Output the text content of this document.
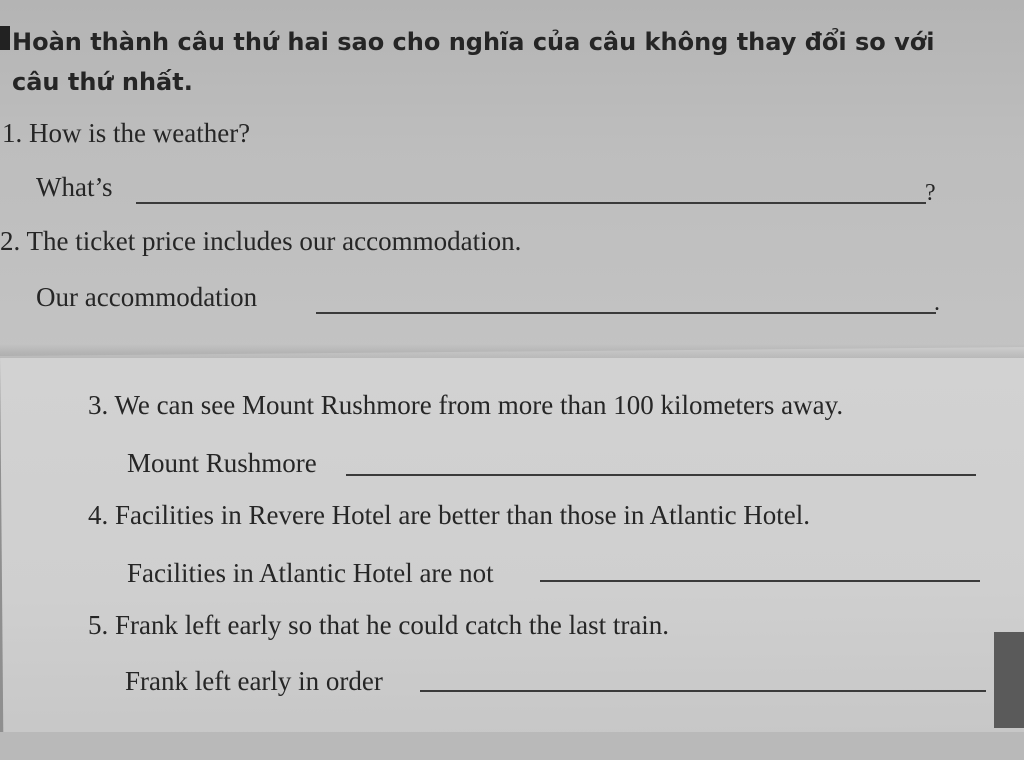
Hoàn thành câu thứ hai sao cho nghĩa của câu không thay đổi so với câu thứ nhất.
1. How is the weather?
What’s	?
2. The ticket price includes our accommodation.
Our accommodation	.
3. We can see Mount Rushmore from more than 100 kilometers away.
Mount Rushmore
4. Facilities in Revere Hotel are better than those in Atlantic Hotel.
Facilities in Atlantic Hotel are not
5. Frank left early so that he could catch the last train.
Frank left early in order
